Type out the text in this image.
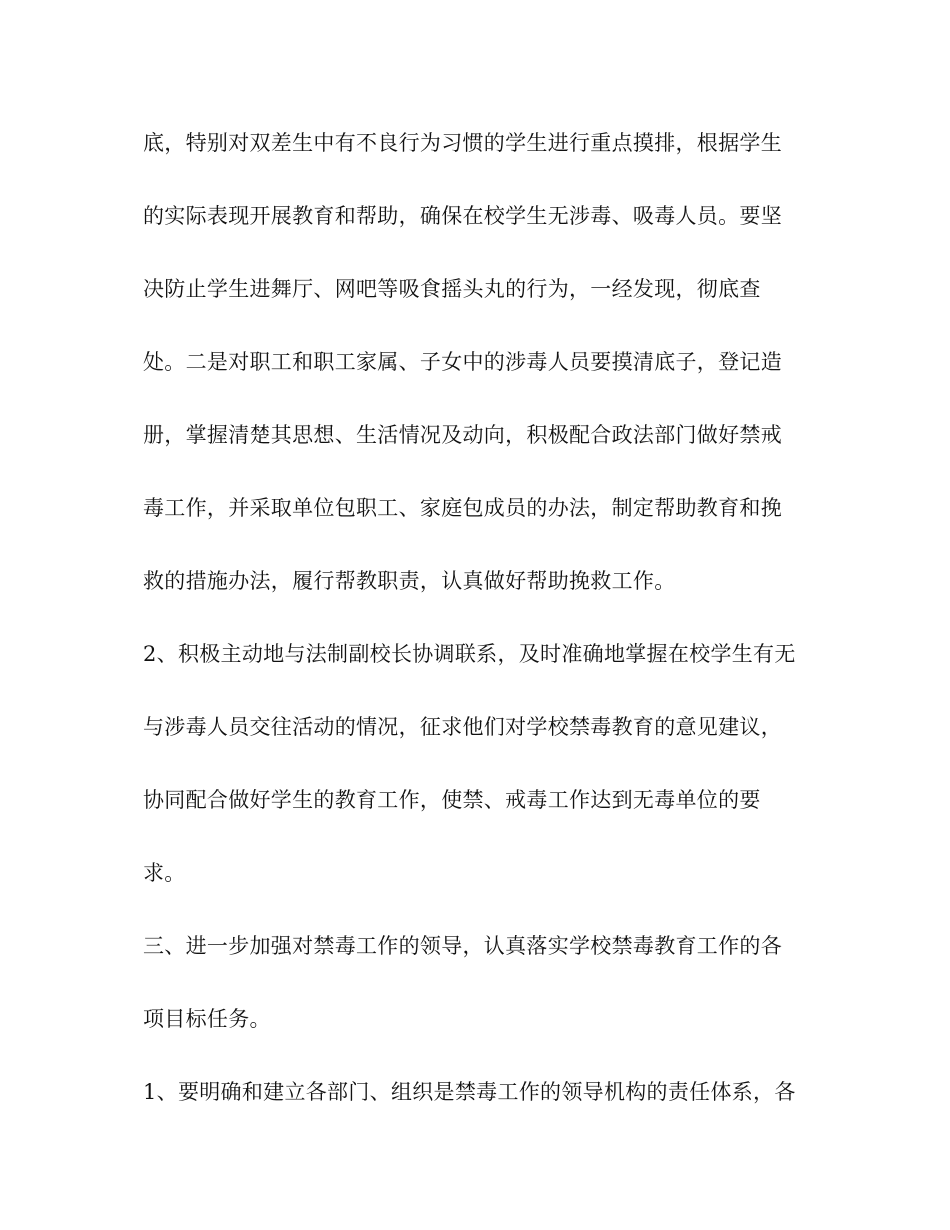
底，特别对双差生中有不良行为习惯的学生进行重点摸排，根据学生
的实际表现开展教育和帮助，确保在校学生无涉毒、吸毒人员。要坚
决防止学生进舞厅、网吧等吸食摇头丸的行为，一经发现，彻底查
处。二是对职工和职工家属、子女中的涉毒人员要摸清底子，登记造
册，掌握清楚其思想、生活情况及动向，积极配合政法部门做好禁戒
毒工作，并采取单位包职工、家庭包成员的办法，制定帮助教育和挽
救的措施办法，履行帮教职责，认真做好帮助挽救工作。
2、积极主动地与法制副校长协调联系，及时准确地掌握在校学生有无
与涉毒人员交往活动的情况，征求他们对学校禁毒教育的意见建议，
协同配合做好学生的教育工作，使禁、戒毒工作达到无毒单位的要
求。
三、进一步加强对禁毒工作的领导，认真落实学校禁毒教育工作的各
项目标任务。
1、要明确和建立各部门、组织是禁毒工作的领导机构的责任体系，各
